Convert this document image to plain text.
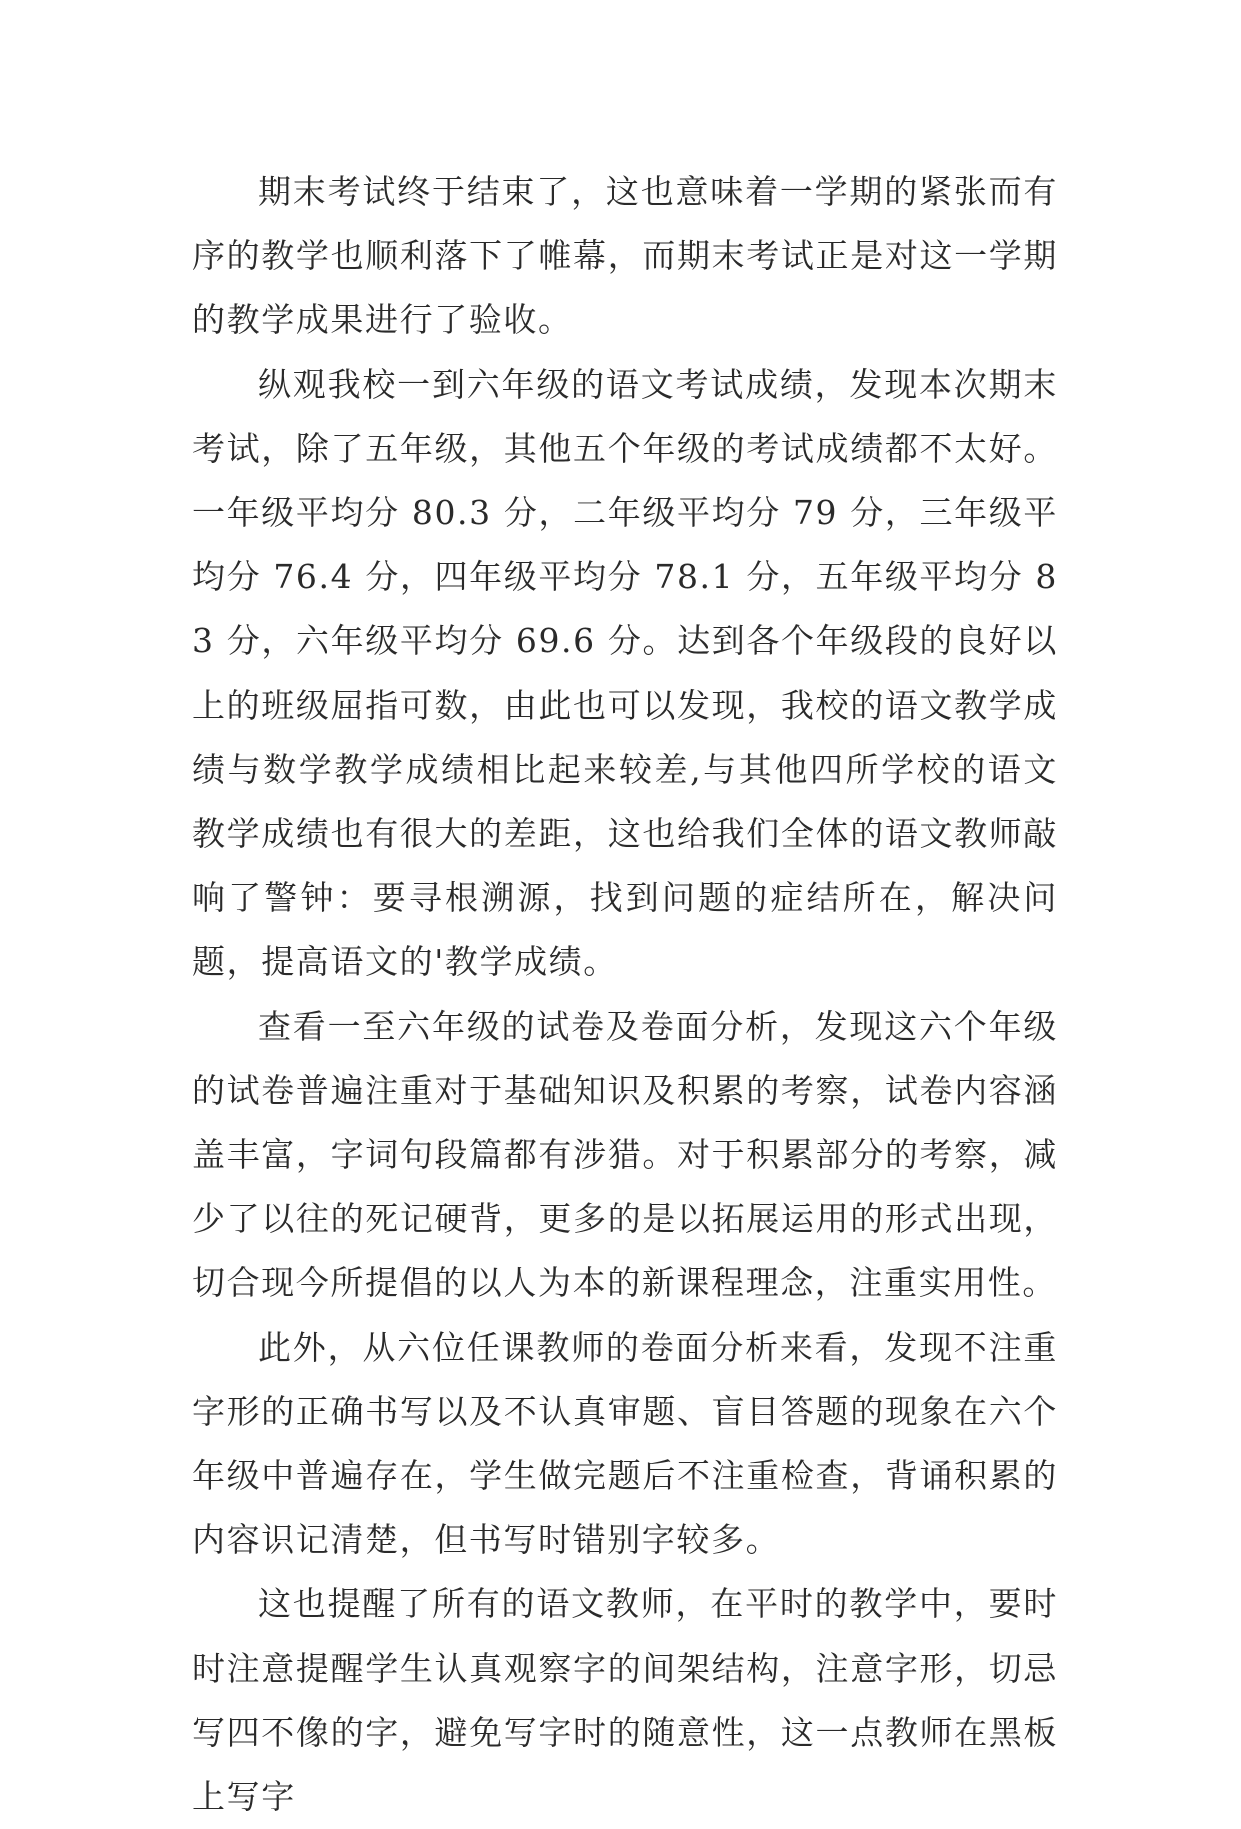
期末考试终于结束了，这也意味着一学期的紧张而有序的教学也顺利落下了帷幕，而期末考试正是对这一学期的教学成果进行了验收。

纵观我校一到六年级的语文考试成绩，发现本次期末考试，除了五年级，其他五个年级的考试成绩都不太好。一年级平均分 80.3 分，二年级平均分 79 分，三年级平均分 76.4 分，四年级平均分 78.1 分，五年级平均分 83 分，六年级平均分 69.6 分。达到各个年级段的良好以上的班级屈指可数，由此也可以发现，我校的语文教学成绩与数学教学成绩相比起来较差,与其他四所学校的语文教学成绩也有很大的差距，这也给我们全体的语文教师敲响了警钟：要寻根溯源，找到问题的症结所在，解决问题，提高语文的'教学成绩。

查看一至六年级的试卷及卷面分析，发现这六个年级的试卷普遍注重对于基础知识及积累的考察，试卷内容涵盖丰富，字词句段篇都有涉猎。对于积累部分的考察，减少了以往的死记硬背，更多的是以拓展运用的形式出现，切合现今所提倡的以人为本的新课程理念，注重实用性。

此外，从六位任课教师的卷面分析来看，发现不注重字形的正确书写以及不认真审题、盲目答题的现象在六个年级中普遍存在，学生做完题后不注重检查，背诵积累的内容识记清楚，但书写时错别字较多。

这也提醒了所有的语文教师，在平时的教学中，要时时注意提醒学生认真观察字的间架结构，注意字形，切忌写四不像的字，避免写字时的随意性，这一点教师在黑板上写字
